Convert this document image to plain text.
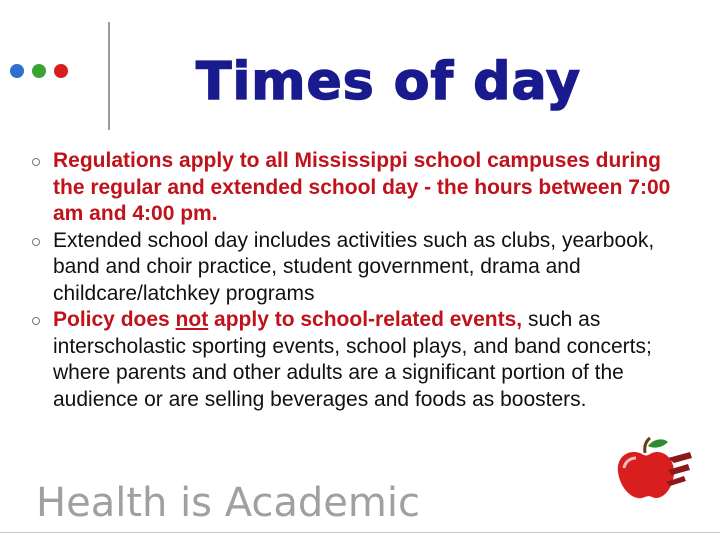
Times of day
Regulations apply to all Mississippi school campuses during the regular and extended school day - the hours between 7:00 am and 4:00 pm.
Extended school day includes activities such as clubs, yearbook, band and choir practice, student government, drama and childcare/latchkey programs
Policy does not apply to school-related events, such as interscholastic sporting events, school plays, and band concerts; where parents and other adults are a significant portion of the audience or are selling beverages and foods as boosters.
Health is Academic
